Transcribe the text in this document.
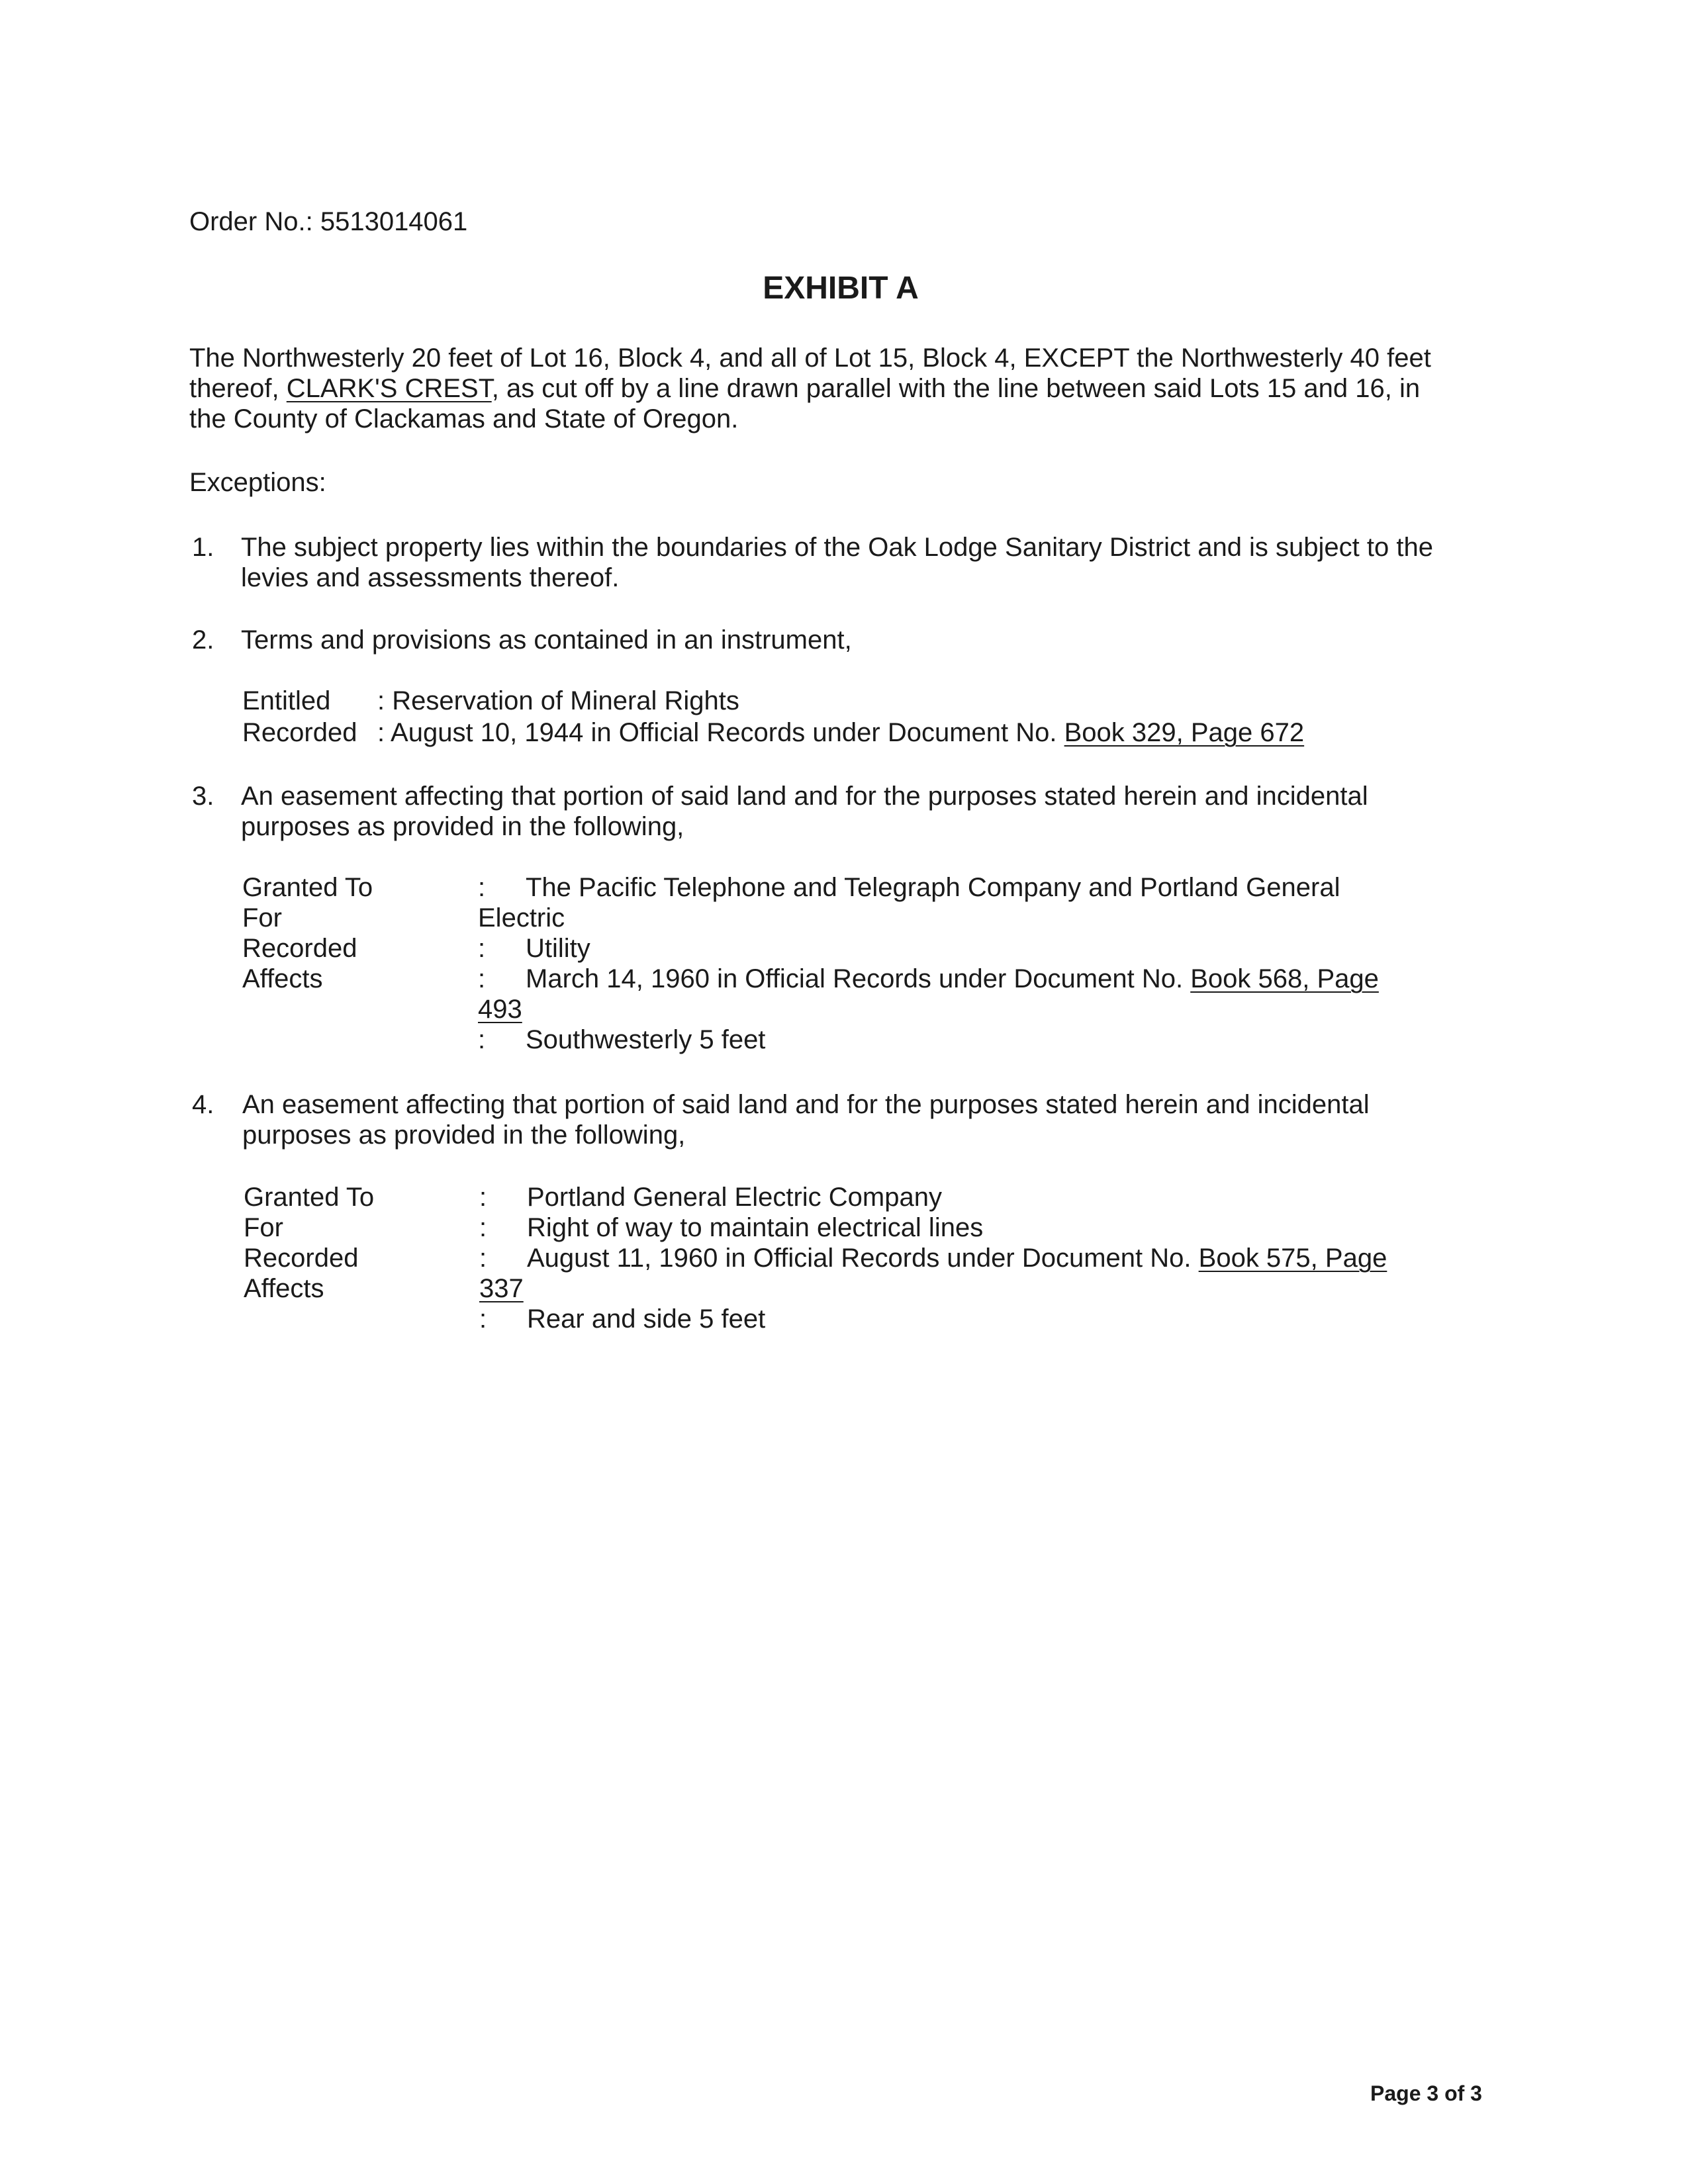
Order No.: 5513014061
EXHIBIT A
The Northwesterly 20 feet of Lot 16, Block 4, and all of Lot 15, Block 4, EXCEPT the Northwesterly 40 feet
thereof, CLARK'S CREST, as cut off by a line drawn parallel with the line between said Lots 15 and 16, in
the County of Clackamas and State of Oregon.
Exceptions:
1. The subject property lies within the boundaries of the Oak Lodge Sanitary District and is subject to the
levies and assessments thereof.
2. Terms and provisions as contained in an instrument,
Entitled : Reservation of Mineral Rights
Recorded : August 10, 1944 in Official Records under Document No. Book 329, Page 672
3. An easement affecting that portion of said land and for the purposes stated herein and incidental
purposes as provided in the following,
Granted To
For
Recorded
Affects
: The Pacific Telephone and Telegraph Company and Portland General
Electric
: Utility
: March 14, 1960 in Official Records under Document No. Book 568, Page
493
: Southwesterly 5 feet
4. An easement affecting that portion of said land and for the purposes stated herein and incidental
purposes as provided in the following,
Granted To
For
Recorded
Affects
: Portland General Electric Company
: Right of way to maintain electrical lines
: August 11, 1960 in Official Records under Document No. Book 575, Page
337
: Rear and side 5 feet
Page 3 of 3
